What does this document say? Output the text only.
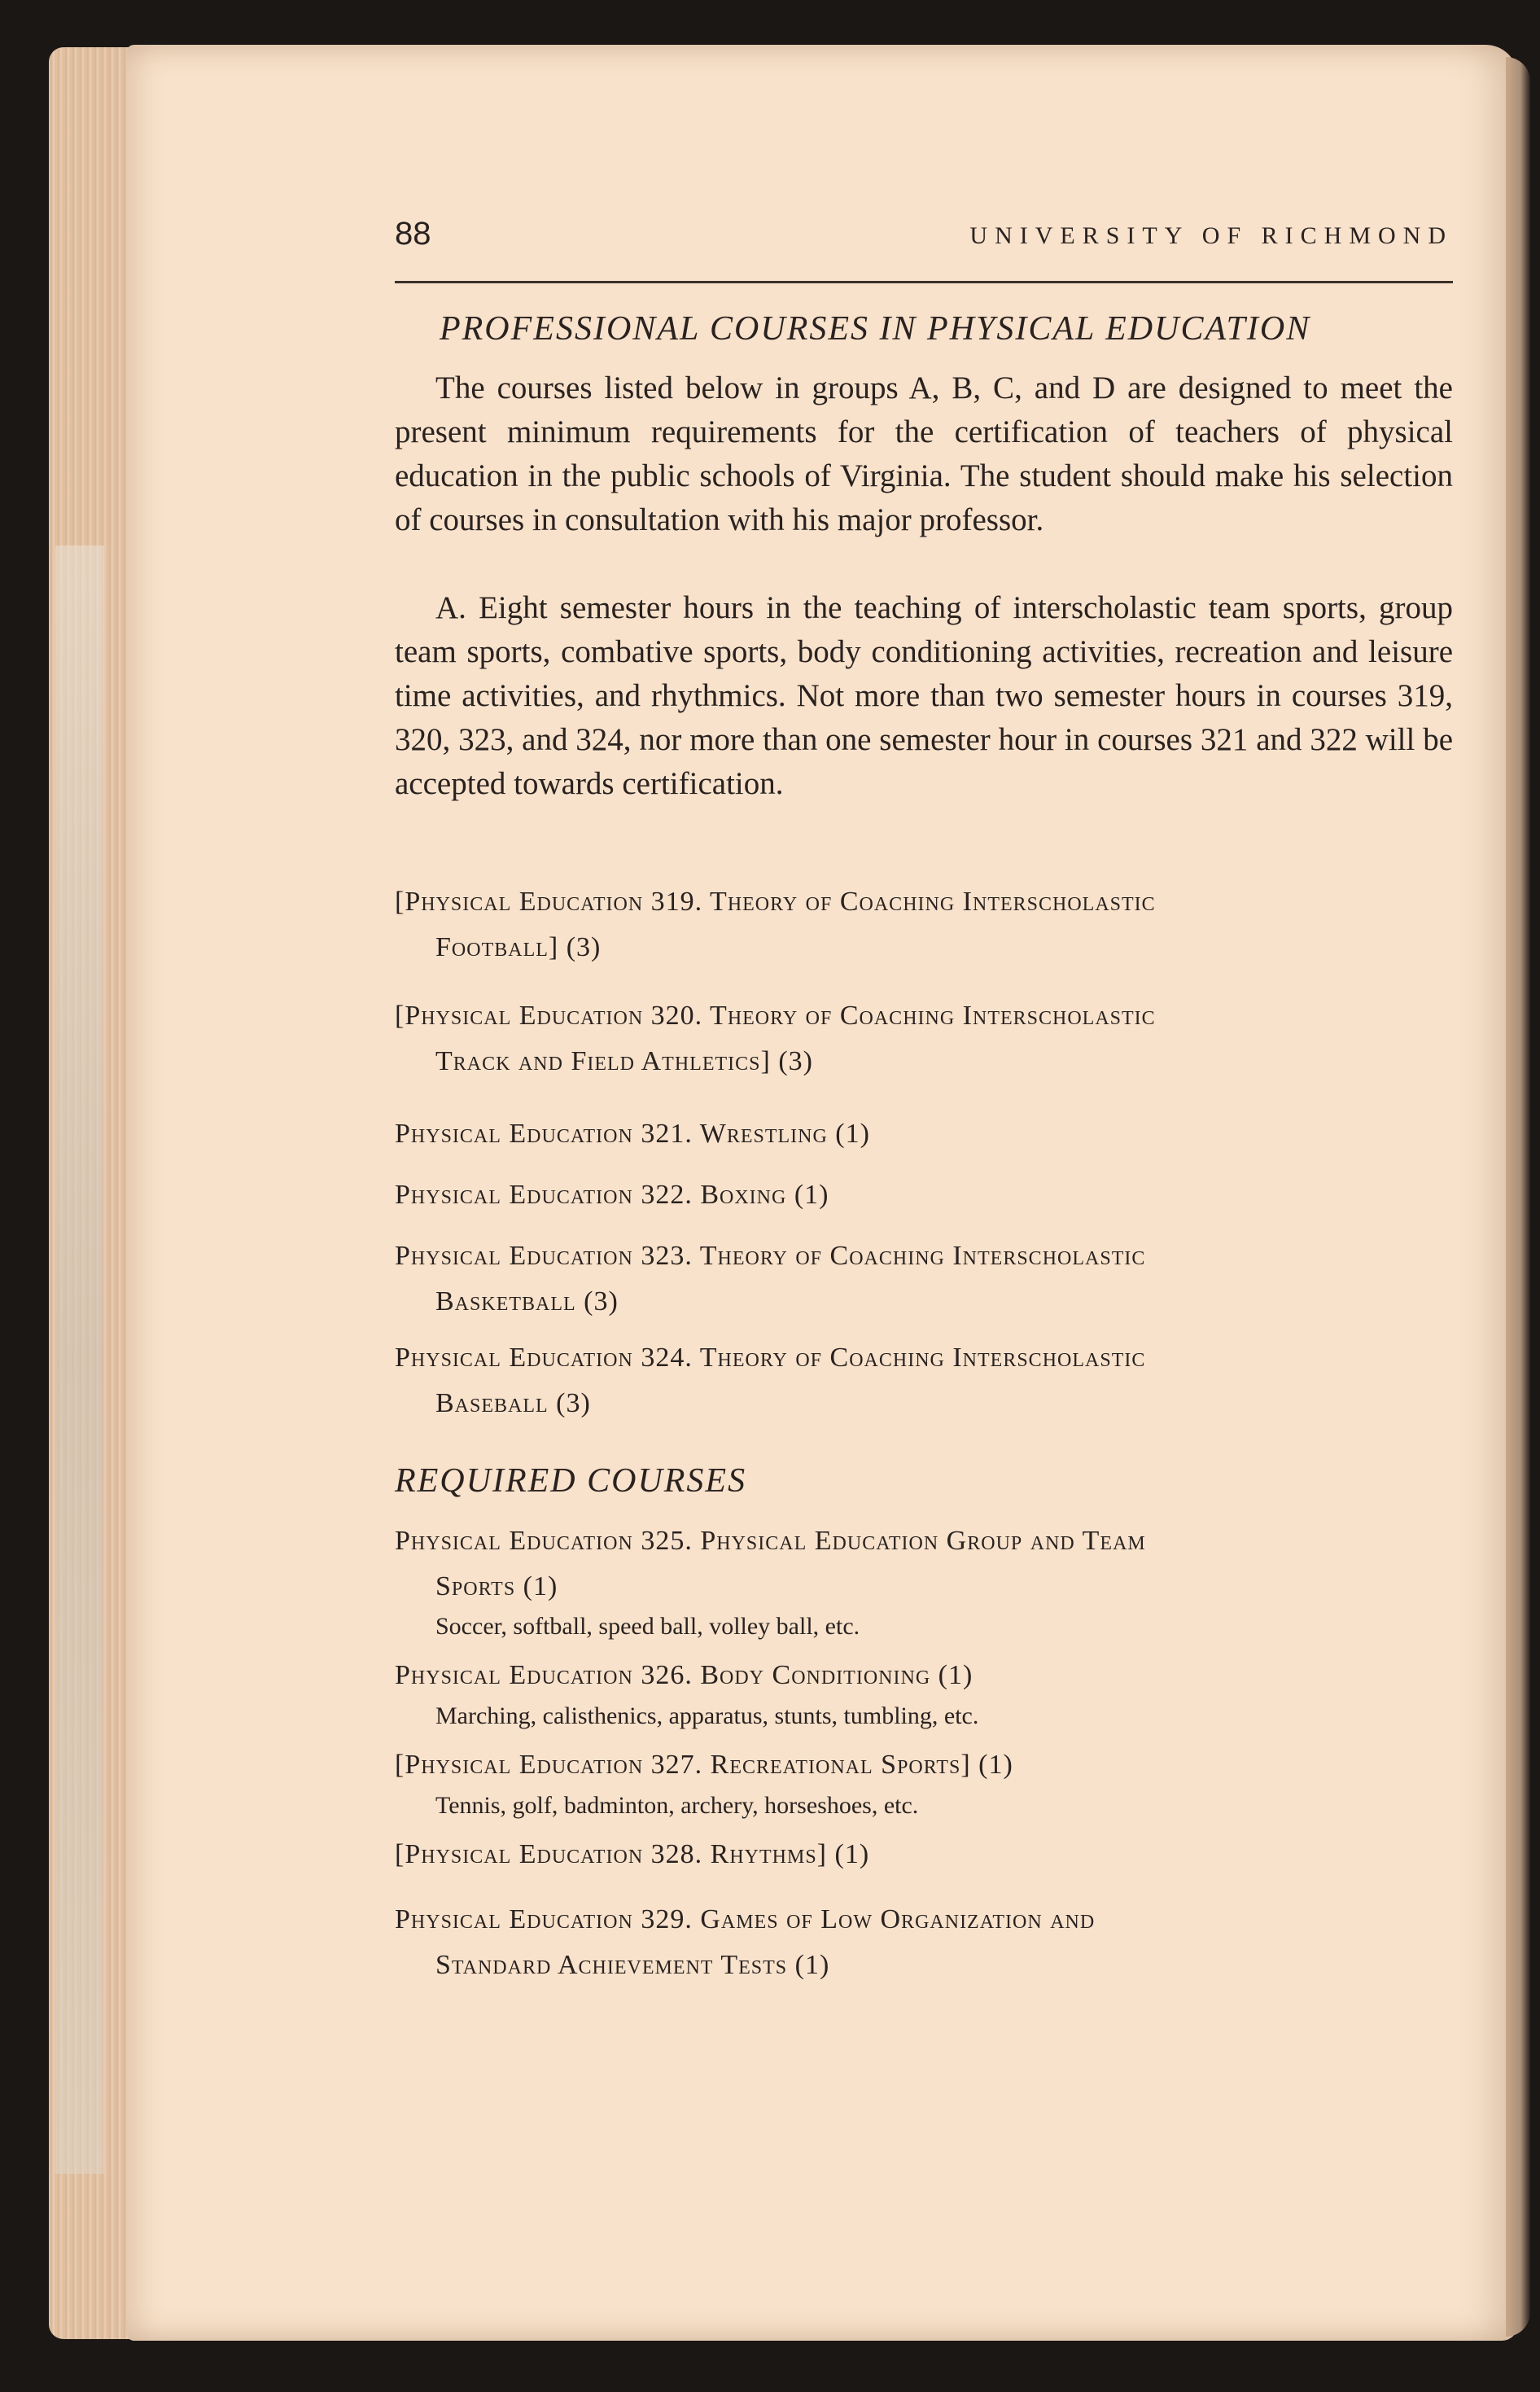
88	UNIVERSITY OF RICHMOND
PROFESSIONAL COURSES IN PHYSICAL EDUCATION
The courses listed below in groups A, B, C, and D are designed to meet the present minimum requirements for the certification of teachers of physical education in the public schools of Virginia. The student should make his selection of courses in consultation with his major professor.
A. Eight semester hours in the teaching of interscholastic team sports, group team sports, combative sports, body conditioning activities, recreation and leisure time activities, and rhythmics. Not more than two semester hours in courses 319, 320, 323, and 324, nor more than one semester hour in courses 321 and 322 will be accepted towards certification.
[Physical Education 319. Theory of Coaching Interscholastic
Football] (3)
[Physical Education 320. Theory of Coaching Interscholastic
Track and Field Athletics] (3)
Physical Education 321. Wrestling (1)
Physical Education 322. Boxing (1)
Physical Education 323. Theory of Coaching Interscholastic
Basketball (3)
Physical Education 324. Theory of Coaching Interscholastic
Baseball (3)
REQUIRED COURSES
Physical Education 325. Physical Education Group and Team
Sports (1)
Soccer, softball, speed ball, volley ball, etc.
Physical Education 326. Body Conditioning (1)
Marching, calisthenics, apparatus, stunts, tumbling, etc.
[Physical Education 327. Recreational Sports] (1)
Tennis, golf, badminton, archery, horseshoes, etc.
[Physical Education 328. Rhythms] (1)
Physical Education 329. Games of Low Organization and
Standard Achievement Tests (1)
